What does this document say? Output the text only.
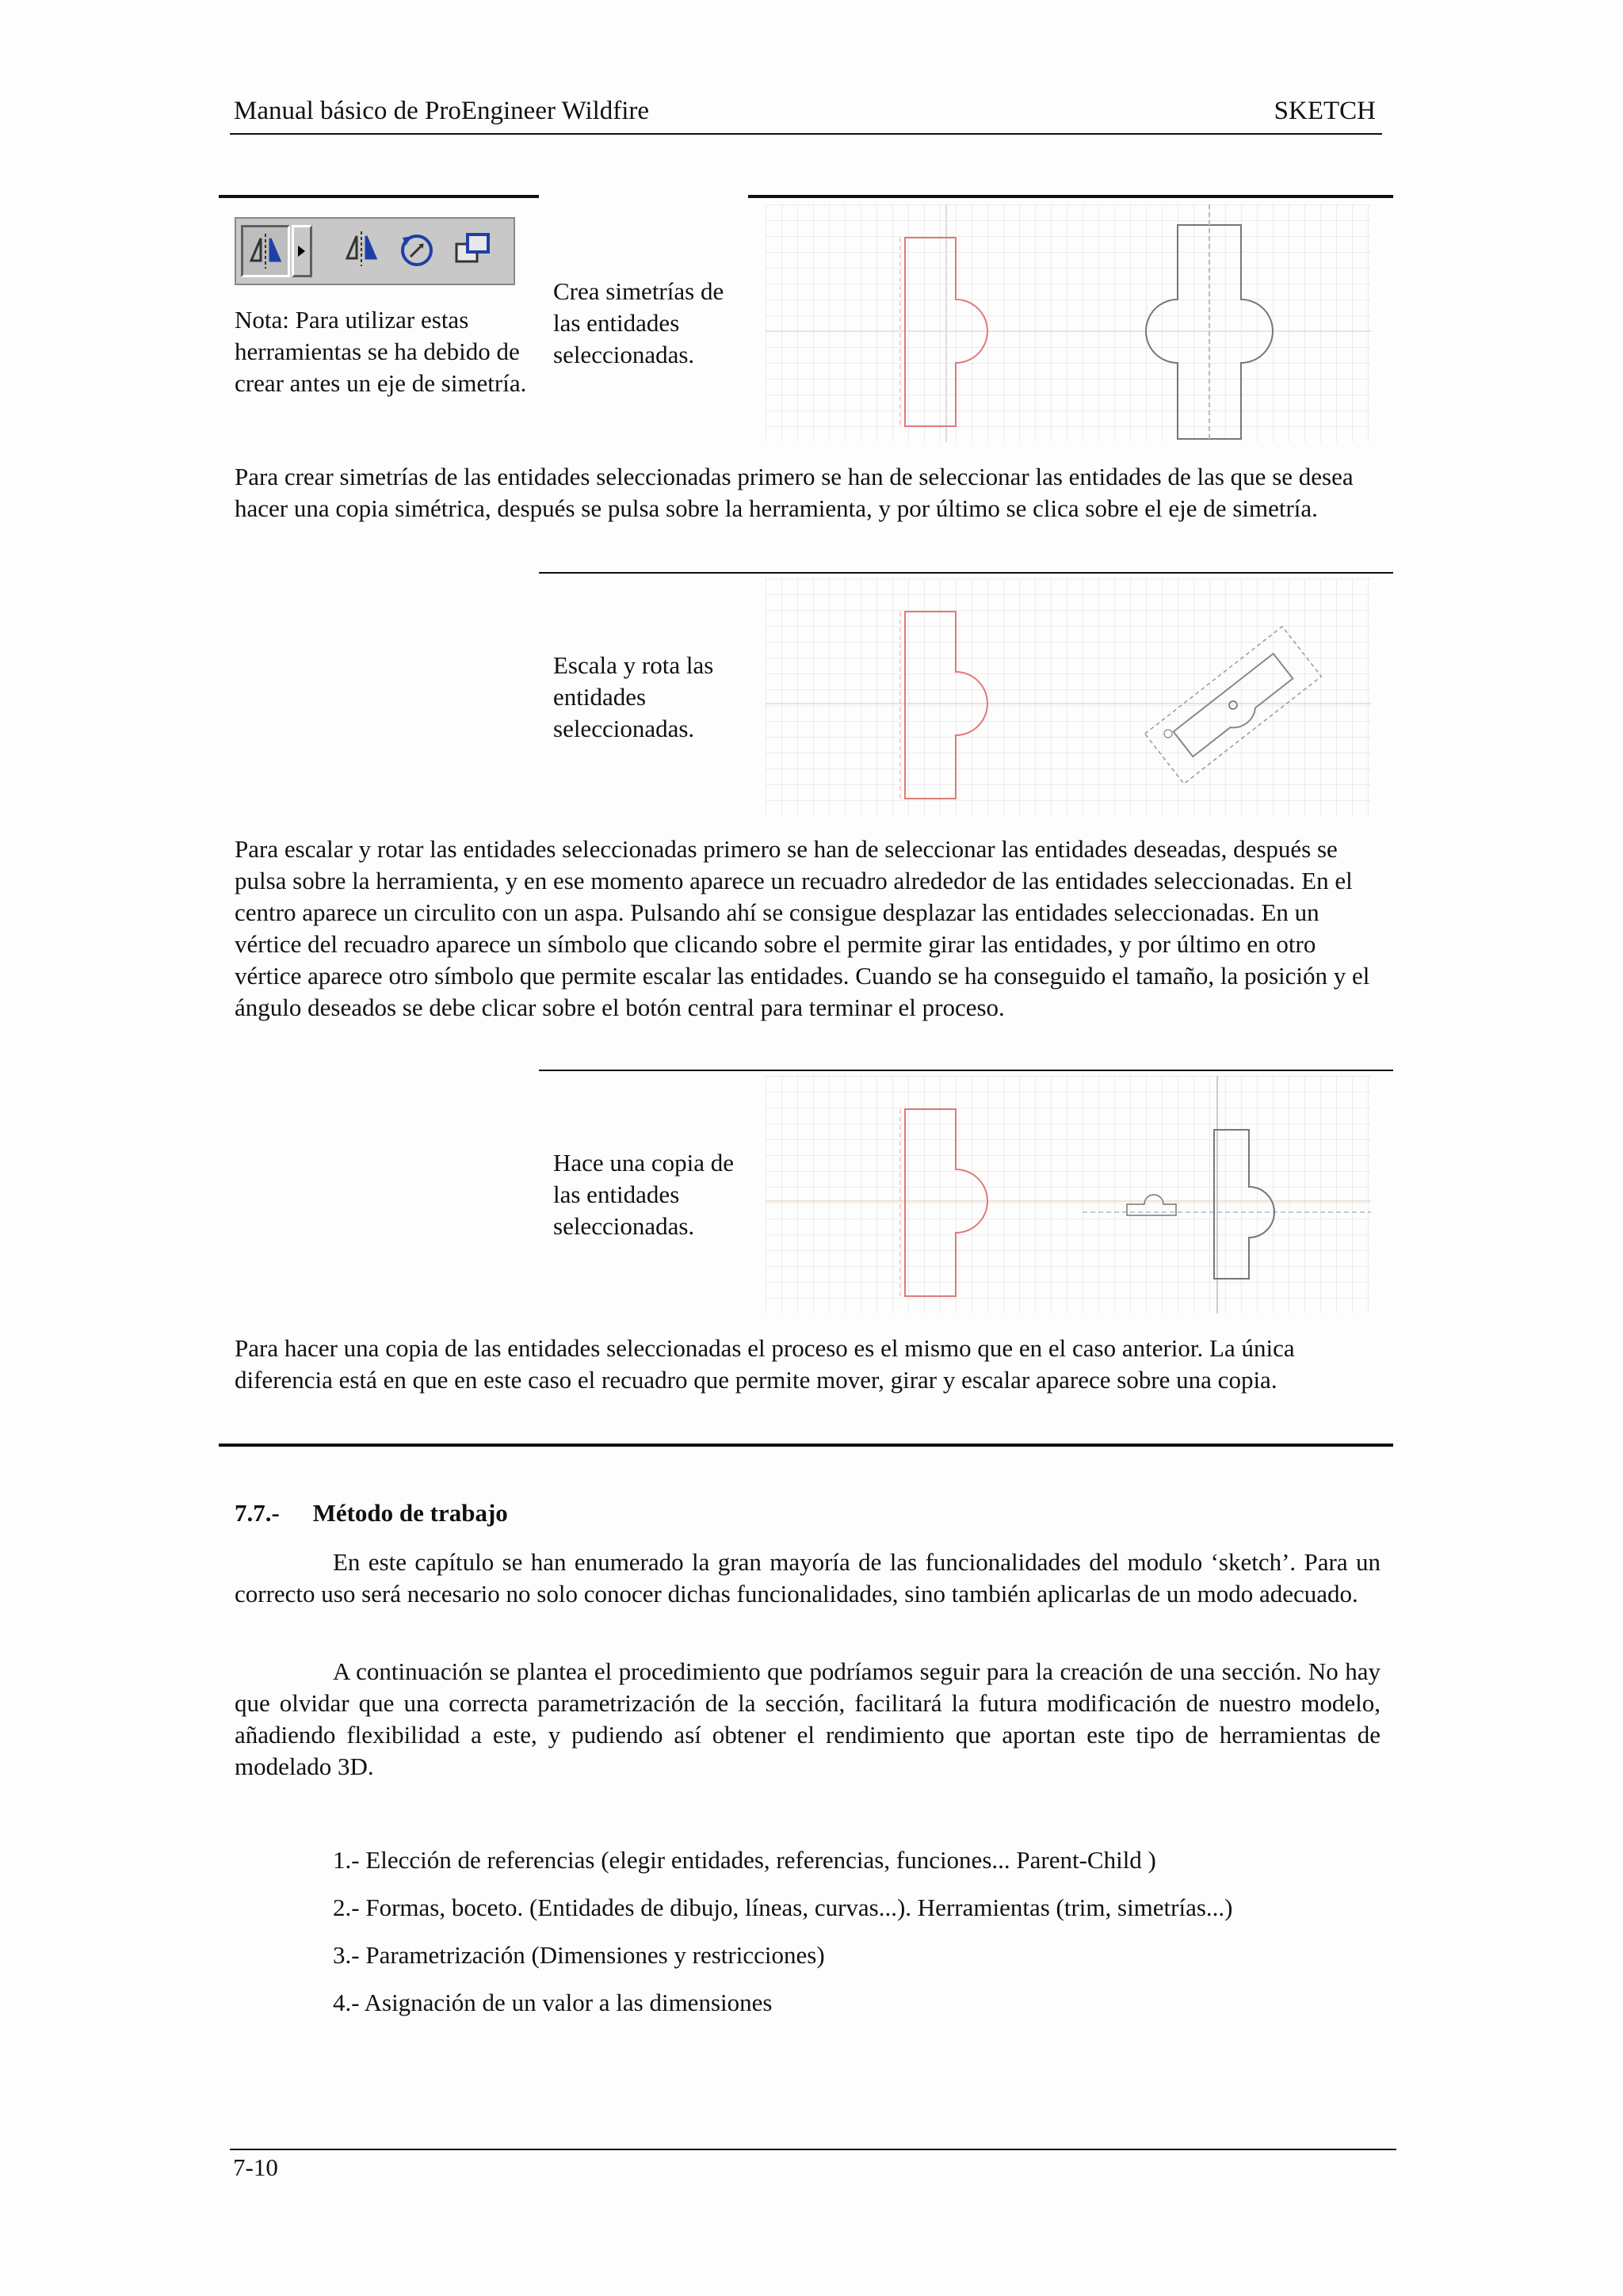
Manual básico de ProEngineer Wildfire	SKETCH
Nota: Para utilizar estas herramientas se ha debido de crear antes un eje de simetría.
Crea simetrías de las entidades seleccionadas.
Para crear simetrías de las entidades seleccionadas primero se han de seleccionar las entidades de las que se desea hacer una copia simétrica, después se pulsa sobre la herramienta, y por último se clica sobre el eje de simetría.
Escala y rota las entidades seleccionadas.
Para escalar y rotar las entidades seleccionadas primero se han de seleccionar las entidades deseadas, después se pulsa sobre la herramienta, y en ese momento aparece un recuadro alrededor de las entidades seleccionadas. En el centro aparece un circulito con un aspa. Pulsando ahí se consigue desplazar las entidades seleccionadas. En un vértice del recuadro aparece un símbolo que clicando sobre el permite girar las entidades, y por último en otro vértice aparece otro símbolo que permite escalar las entidades. Cuando se ha conseguido el tamaño, la posición y el ángulo deseados se debe clicar sobre el botón central para terminar el proceso.
Hace una copia de las entidades seleccionadas.
Para hacer una copia de las entidades seleccionadas el proceso es el mismo que en el caso anterior. La única diferencia está en que en este caso el recuadro que permite mover, girar y escalar aparece sobre una copia.
7.7.- Método de trabajo
En este capítulo se han enumerado la gran mayoría de las funcionalidades del modulo ‘sketch’. Para un correcto uso será necesario no solo conocer dichas funcionalidades, sino también aplicarlas de un modo adecuado.
A continuación se plantea el procedimiento que podríamos seguir para la creación de una sección. No hay que olvidar que una correcta parametrización de la sección, facilitará la futura modificación de nuestro modelo, añadiendo flexibilidad a este, y pudiendo así obtener el rendimiento que aportan este tipo de herramientas de modelado 3D.
1.- Elección de referencias (elegir entidades, referencias, funciones... Parent-Child )
2.- Formas, boceto. (Entidades de dibujo, líneas, curvas...). Herramientas (trim, simetrías...)
3.- Parametrización (Dimensiones y restricciones)
4.- Asignación de un valor a las dimensiones
7-10
